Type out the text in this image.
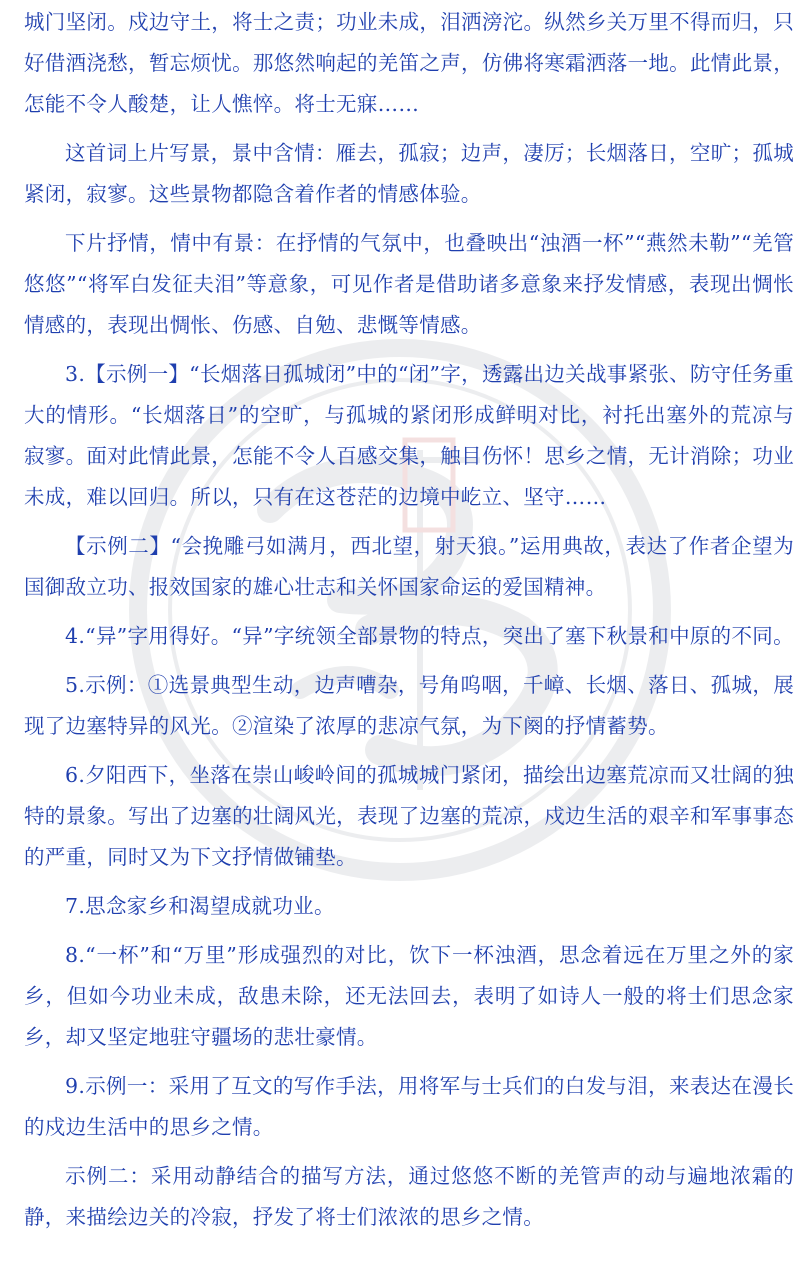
城门坚闭。戍边守土，将士之责；功业未成，泪洒滂沱。纵然乡关万里不得而归，只好借酒浇愁，暂忘烦忧。那悠然响起的羌笛之声，仿佛将寒霜洒落一地。此情此景，怎能不令人酸楚，让人憔悴。将士无寐……

这首词上片写景，景中含情：雁去，孤寂；边声，凄厉；长烟落日，空旷；孤城紧闭，寂寥。这些景物都隐含着作者的情感体验。

下片抒情，情中有景：在抒情的气氛中，也叠映出“浊酒一杯”“燕然未勒”“羌管悠悠”“将军白发征夫泪”等意象，可见作者是借助诸多意象来抒发情感，表现出惆怅情感的，表现出惆怅、伤感、自勉、悲慨等情感。

3.【示例一】“长烟落日孤城闭”中的“闭”字，透露出边关战事紧张、防守任务重大的情形。“长烟落日”的空旷，与孤城的紧闭形成鲜明对比，衬托出塞外的荒凉与寂寥。面对此情此景，怎能不令人百感交集，触目伤怀！思乡之情，无计消除；功业未成，难以回归。所以，只有在这苍茫的边境中屹立、坚守……

【示例二】“会挽雕弓如满月，西北望，射天狼。”运用典故，表达了作者企望为国御敌立功、报效国家的雄心壮志和关怀国家命运的爱国精神。

4.“异”字用得好。“异”字统领全部景物的特点，突出了塞下秋景和中原的不同。

5.示例：①选景典型生动，边声嘈杂，号角呜咽，千嶂、长烟、落日、孤城，展现了边塞特异的风光。②渲染了浓厚的悲凉气氛，为下阕的抒情蓄势。

6.夕阳西下，坐落在崇山峻岭间的孤城城门紧闭，描绘出边塞荒凉而又壮阔的独特的景象。写出了边塞的壮阔风光，表现了边塞的荒凉，戍边生活的艰辛和军事事态的严重，同时又为下文抒情做铺垫。

7.思念家乡和渴望成就功业。

8.“一杯”和“万里”形成强烈的对比，饮下一杯浊酒，思念着远在万里之外的家乡，但如今功业未成，敌患未除，还无法回去，表明了如诗人一般的将士们思念家乡，却又坚定地驻守疆场的悲壮豪情。

9.示例一：采用了互文的写作手法，用将军与士兵们的白发与泪，来表达在漫长的戍边生活中的思乡之情。

示例二：采用动静结合的描写方法，通过悠悠不断的羌管声的动与遍地浓霜的静，来描绘边关的冷寂，抒发了将士们浓浓的思乡之情。
